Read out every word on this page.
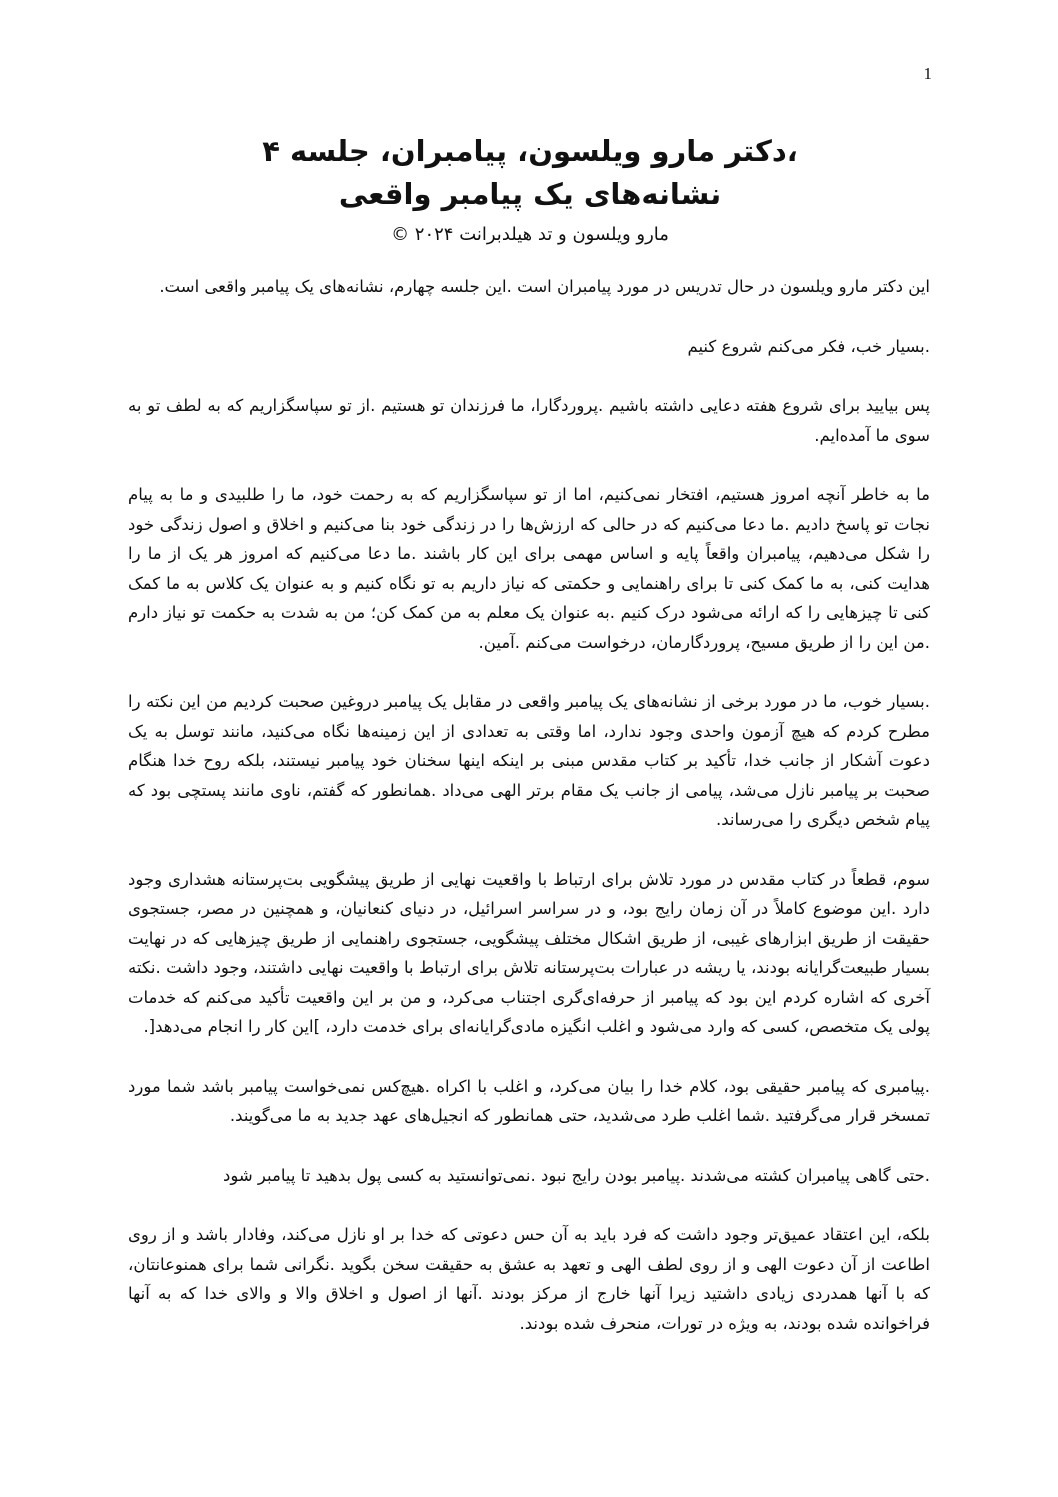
1

،دکتر مارو ویلسون، پیامبران، جلسه ۴

نشانه‌های یک پیامبر واقعی

مارو ویلسون و تد هیلدبرانت ۲۰۲۴ ©

این دکتر مارو ویلسون در حال تدریس در مورد پیامبران است .این جلسه چهارم، نشانه‌های یک پیامبر واقعی است.

.بسیار خب، فکر می‌کنم شروع کنیم

پس بیایید برای شروع هفته دعایی داشته باشیم .پروردگارا، ما فرزندان تو هستیم .از تو سپاسگزاریم که به لطف تو به سوی ما آمده‌ایم.

ما به خاطر آنچه امروز هستیم، افتخار نمی‌کنیم، اما از تو سپاسگزاریم که به رحمت خود، ما را طلبیدی و ما به پیام نجات تو پاسخ دادیم .ما دعا می‌کنیم که در حالی که ارزش‌ها را در زندگی خود بنا می‌کنیم و اخلاق و اصول زندگی خود را شکل می‌دهیم، پیامبران واقعاً پایه و اساس مهمی برای این کار باشند .ما دعا می‌کنیم که امروز هر یک از ما را هدایت کنی، به ما کمک کنی تا برای راهنمایی و حکمتی که نیاز داریم به تو نگاه کنیم و به عنوان یک کلاس به ما کمک کنی تا چیزهایی را که ارائه می‌شود درک کنیم .به عنوان یک معلم به من کمک کن؛ من به شدت به حکمت تو نیاز دارم .من این را از طریق مسیح، پروردگارمان، درخواست می‌کنم .آمین.

.بسیار خوب، ما در مورد برخی از نشانه‌های یک پیامبر واقعی در مقابل یک پیامبر دروغین صحبت کردیم من این نکته را مطرح کردم که هیچ آزمون واحدی وجود ندارد، اما وقتی به تعدادی از این زمینه‌ها نگاه می‌کنید، مانند توسل به یک دعوت آشکار از جانب خدا، تأکید بر کتاب مقدس مبنی بر اینکه اینها سخنان خود پیامبر نیستند، بلکه روح خدا هنگام صحبت بر پیامبر نازل می‌شد، پیامی از جانب یک مقام برتر الهی می‌داد .همانطور که گفتم، ناوی مانند پستچی بود که پیام شخص دیگری را می‌رساند.

سوم، قطعاً در کتاب مقدس در مورد تلاش برای ارتباط با واقعیت نهایی از طریق پیشگویی بت‌پرستانه هشداری وجود دارد .این موضوع کاملاً در آن زمان رایج بود، و در سراسر اسرائیل، در دنیای کنعانیان، و همچنین در مصر، جستجوی حقیقت از طریق ابزارهای غیبی، از طریق اشکال مختلف پیشگویی، جستجوی راهنمایی از طریق چیزهایی که در نهایت بسیار طبیعت‌گرایانه بودند، یا ریشه در عبارات بت‌پرستانه تلاش برای ارتباط با واقعیت نهایی داشتند، وجود داشت .نکته آخری که اشاره کردم این بود که پیامبر از حرفه‌ای‌گری اجتناب می‌کرد، و من بر این واقعیت تأکید می‌کنم که خدمات پولی یک متخصص، کسی که وارد می‌شود و اغلب انگیزه مادی‌گرایانه‌ای برای خدمت دارد، ]این کار را انجام می‌دهد[.

.پیامبری که پیامبر حقیقی بود، کلام خدا را بیان می‌کرد، و اغلب با اکراه .هیچ‌کس نمی‌خواست پیامبر باشد شما مورد تمسخر قرار می‌گرفتید .شما اغلب طرد می‌شدید، حتی همانطور که انجیل‌های عهد جدید به ما می‌گویند.

.حتی گاهی پیامبران کشته می‌شدند .پیامبر بودن رایج نبود .نمی‌توانستید به کسی پول بدهید تا پیامبر شود

بلکه، این اعتقاد عمیق‌تر وجود داشت که فرد باید به آن حس دعوتی که خدا بر او نازل می‌کند، وفادار باشد و از روی اطاعت از آن دعوت الهی و از روی لطف الهی و تعهد به عشق به حقیقت سخن بگوید .نگرانی شما برای همنوعانتان، که با آنها همدردی زیادی داشتید زیرا آنها خارج از مرکز بودند .آنها از اصول و اخلاق والا و والای خدا که به آنها فراخوانده شده بودند، به ویژه در تورات، منحرف شده بودند.
